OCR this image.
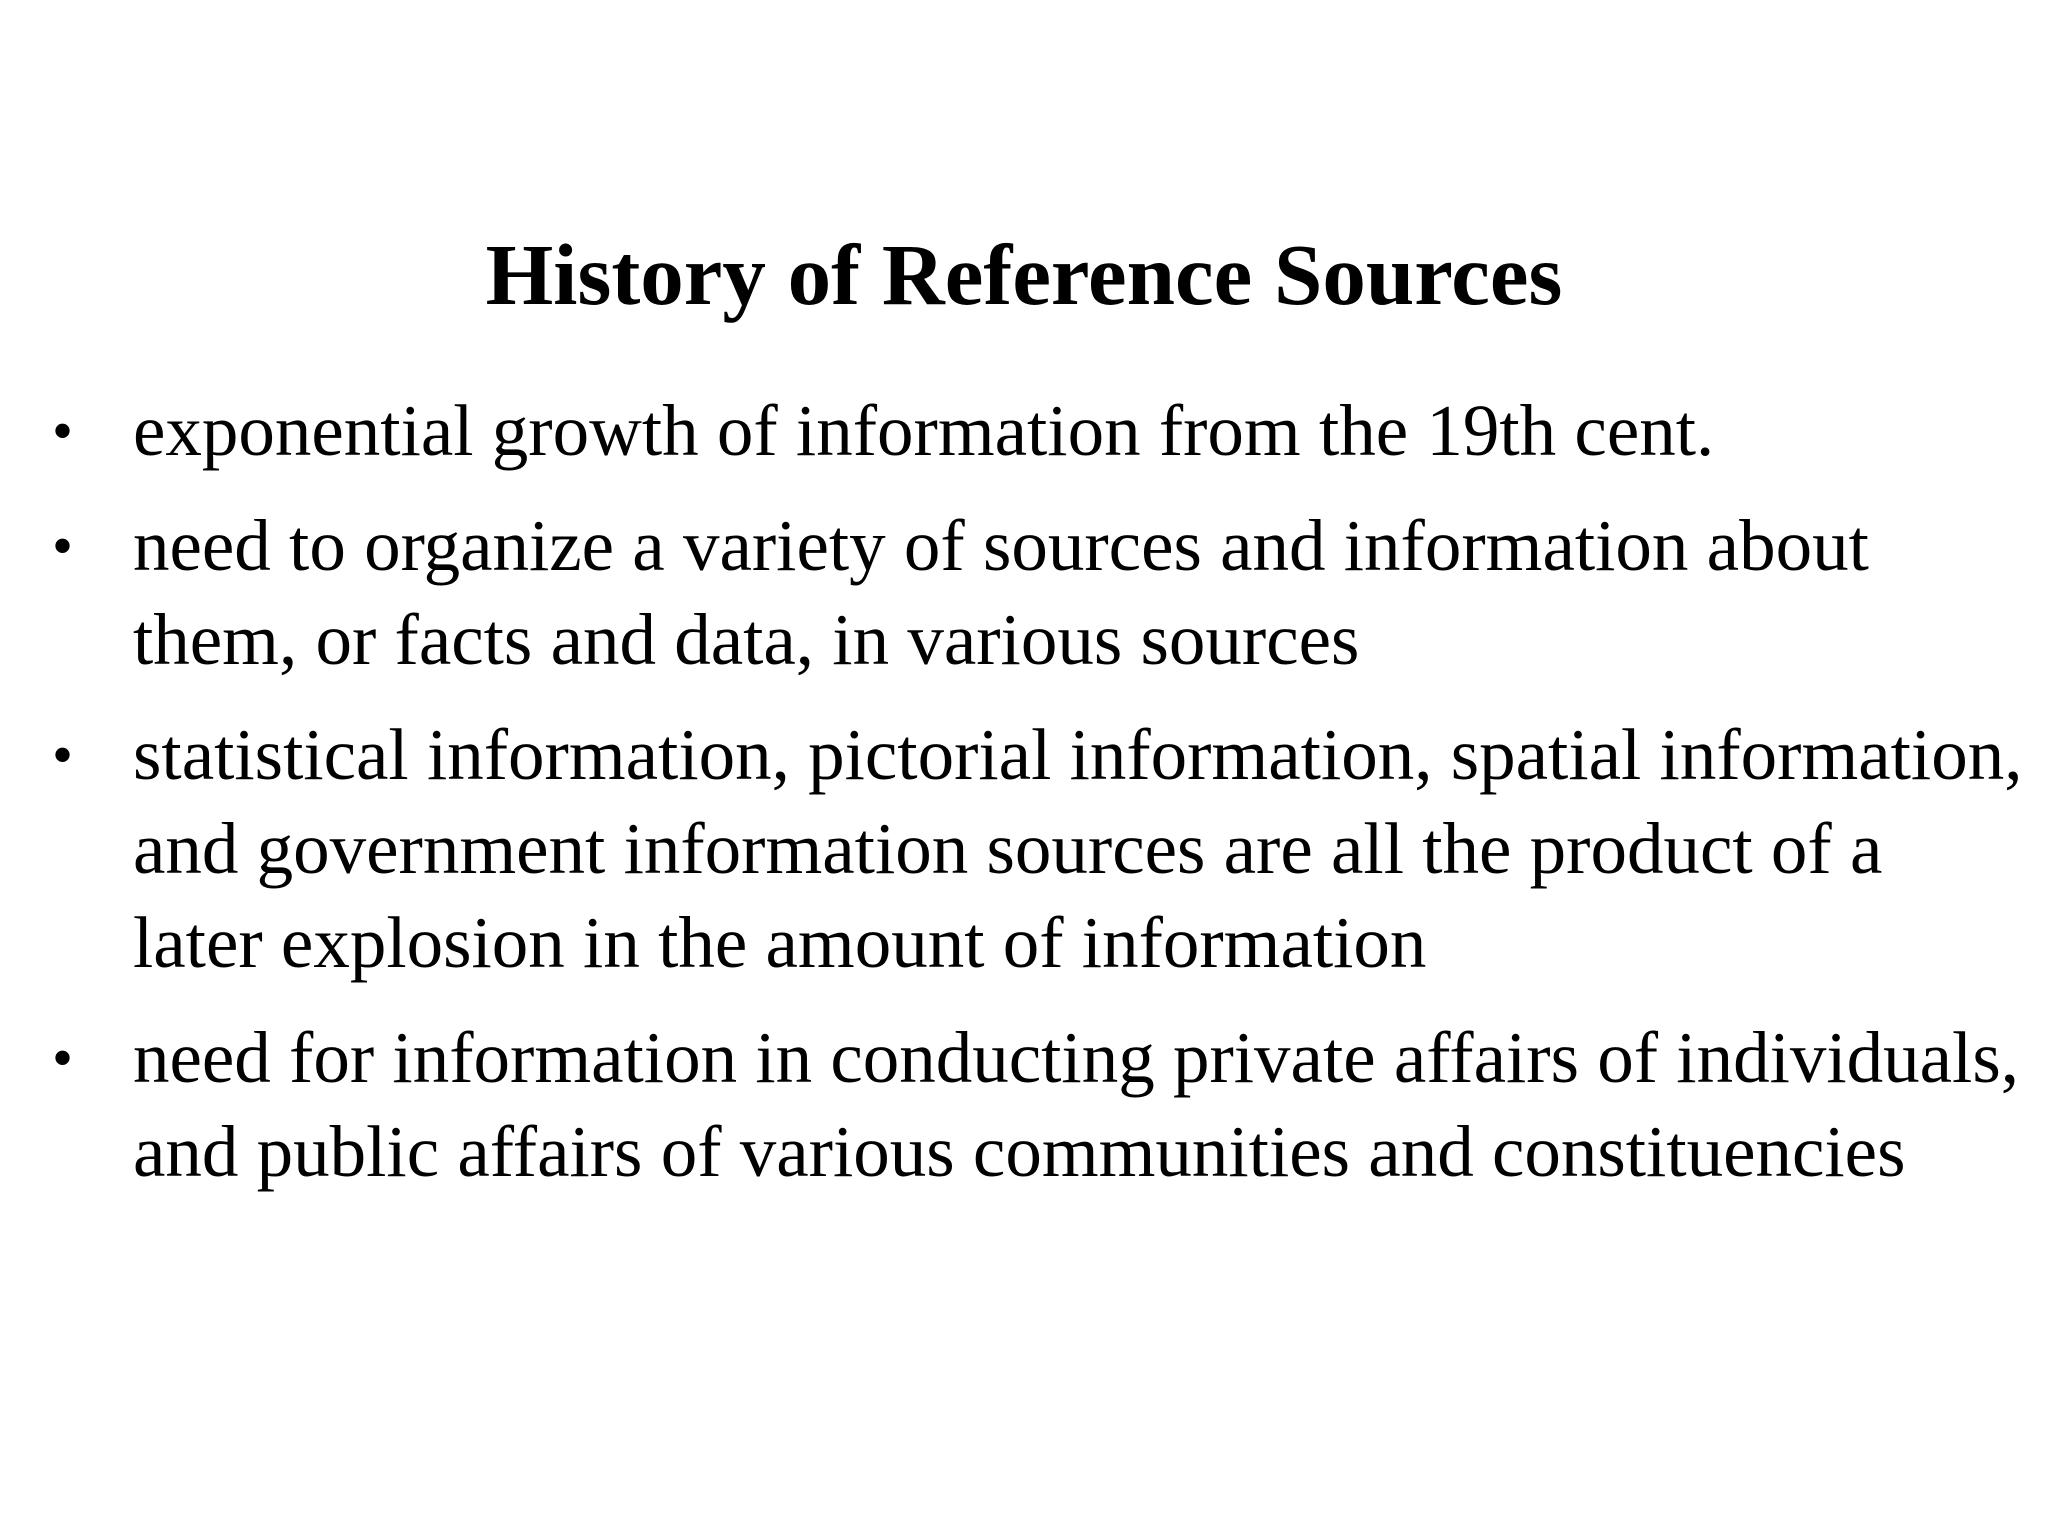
History of Reference Sources
• exponential growth of information from the 19th cent.
• need to organize a variety of sources and information about them, or facts and data, in various sources
• statistical information, pictorial information, spatial information, and government information sources are all the product of a later explosion in the amount of information
• need for information in conducting private affairs of individuals, and public affairs of various communities and constituencies
